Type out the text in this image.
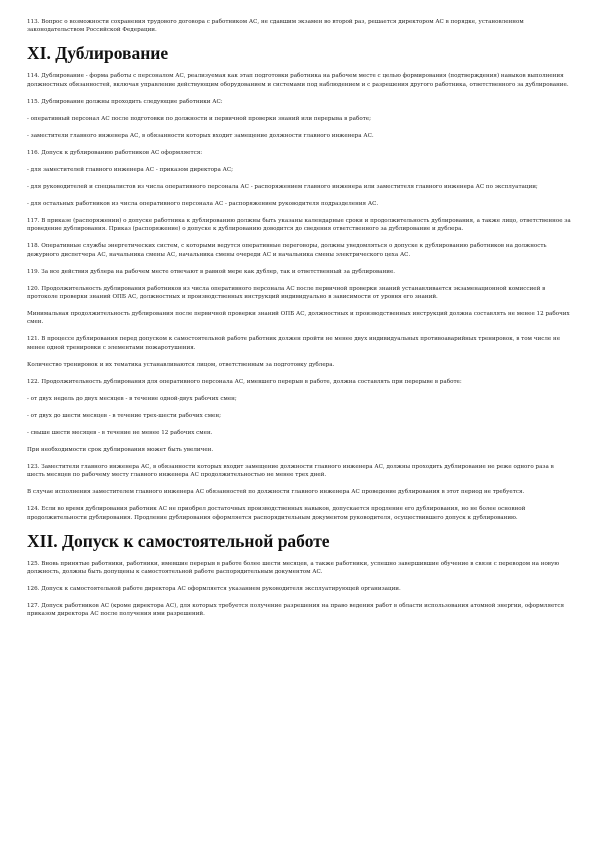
113. Вопрос о возможности сохранения трудового договора с работником АС, не сдавшим экзамен во второй раз, решается директором АС в порядке, установленном законодательством Российской Федерации.

XI. Дублирование

114. Дублирование - форма работы с персоналом АС, реализуемая как этап подготовки работника на рабочем месте с целью формирования (подтверждения) навыков выполнения должностных обязанностей, включая управление действующим оборудованием и системами под наблюдением и с разрешения другого работника, ответственного за дублирование.

115. Дублирование должны проходить следующие работники АС:

- оперативный персонал АС после подготовки по должности и первичной проверки знаний или перерыва в работе;

- заместители главного инженера АС, в обязанности которых входит замещение должности главного инженера АС.

116. Допуск к дублированию работников АС оформляется:

- для заместителей главного инженера АС - приказом директора АС;

- для руководителей и специалистов из числа оперативного персонала АС - распоряжением главного инженера или заместителя главного инженера АС по эксплуатации;

- для остальных работников из числа оперативного персонала АС - распоряжением руководителя подразделения АС.

117. В приказе (распоряжении) о допуске работника к дублированию должны быть указаны календарные сроки и продолжительность дублирования, а также лицо, ответственное за проведение дублирования. Приказ (распоряжение) о допуске к дублированию доводится до сведения ответственного за дублирование и дублера.

118. Оперативные службы энергетических систем, с которыми ведутся оперативные переговоры, должны уведомляться о допуске к дублированию работников на должность дежурного диспетчера АС, начальника смены АС, начальника смены очереди АС и начальника смены электрического цеха АС.

119. За все действия дублера на рабочем месте отвечают в равной мере как дублер, так и ответственный за дублирование.

120. Продолжительность дублирования работников из числа оперативного персонала АС после первичной проверки знаний устанавливается экзаменационной комиссией в протоколе проверки знаний ОПБ АС, должностных и производственных инструкций индивидуально в зависимости от уровня его знаний.

Минимальная продолжительность дублирования после первичной проверки знаний ОПБ АС, должностных и производственных инструкций должна составлять не менее 12 рабочих смен.

121. В процессе дублирования перед допуском к самостоятельной работе работник должен пройти не менее двух индивидуальных противоаварийных тренировок, в том числе не менее одной тренировки с элементами пожаротушения.

Количество тренировок и их тематика устанавливаются лицом, ответственным за подготовку дублера.

122. Продолжительность дублирования для оперативного персонала АС, имевшего перерыв в работе, должна составлять при перерыве в работе:

- от двух недель до двух месяцев - в течение одной-двух рабочих смен;

- от двух до шести месяцев - в течение трех-шести рабочих смен;

- свыше шести месяцев - в течение не менее 12 рабочих смен.

При необходимости срок дублирования может быть увеличен.

123. Заместители главного инженера АС, в обязанности которых входит замещение должности главного инженера АС, должны проходить дублирование не реже одного раза в шесть месяцев по рабочему месту главного инженера АС продолжительностью не менее трех дней.

В случае исполнения заместителем главного инженера АС обязанностей по должности главного инженера АС проведение дублирования в этот период не требуется.

124. Если во время дублирования работник АС не приобрел достаточных производственных навыков, допускается продление его дублирования, но не более основной продолжительности дублирования. Продление дублирования оформляется распорядительным документом руководителя, осуществившего допуск к дублированию.

XII. Допуск к самостоятельной работе

125. Вновь принятые работники, работники, имевшие перерыв в работе более шести месяцев, а также работники, успешно завершившие обучение в связи с переводом на новую должность, должны быть допущены к самостоятельной работе распорядительным документом АС.

126. Допуск к самостоятельной работе директора АС оформляется указанием руководителя эксплуатирующей организации.

127. Допуск работников АС (кроме директора АС), для которых требуется получение разрешения на право ведения работ в области использования атомной энергии, оформляется приказом директора АС после получения ими разрешений.
